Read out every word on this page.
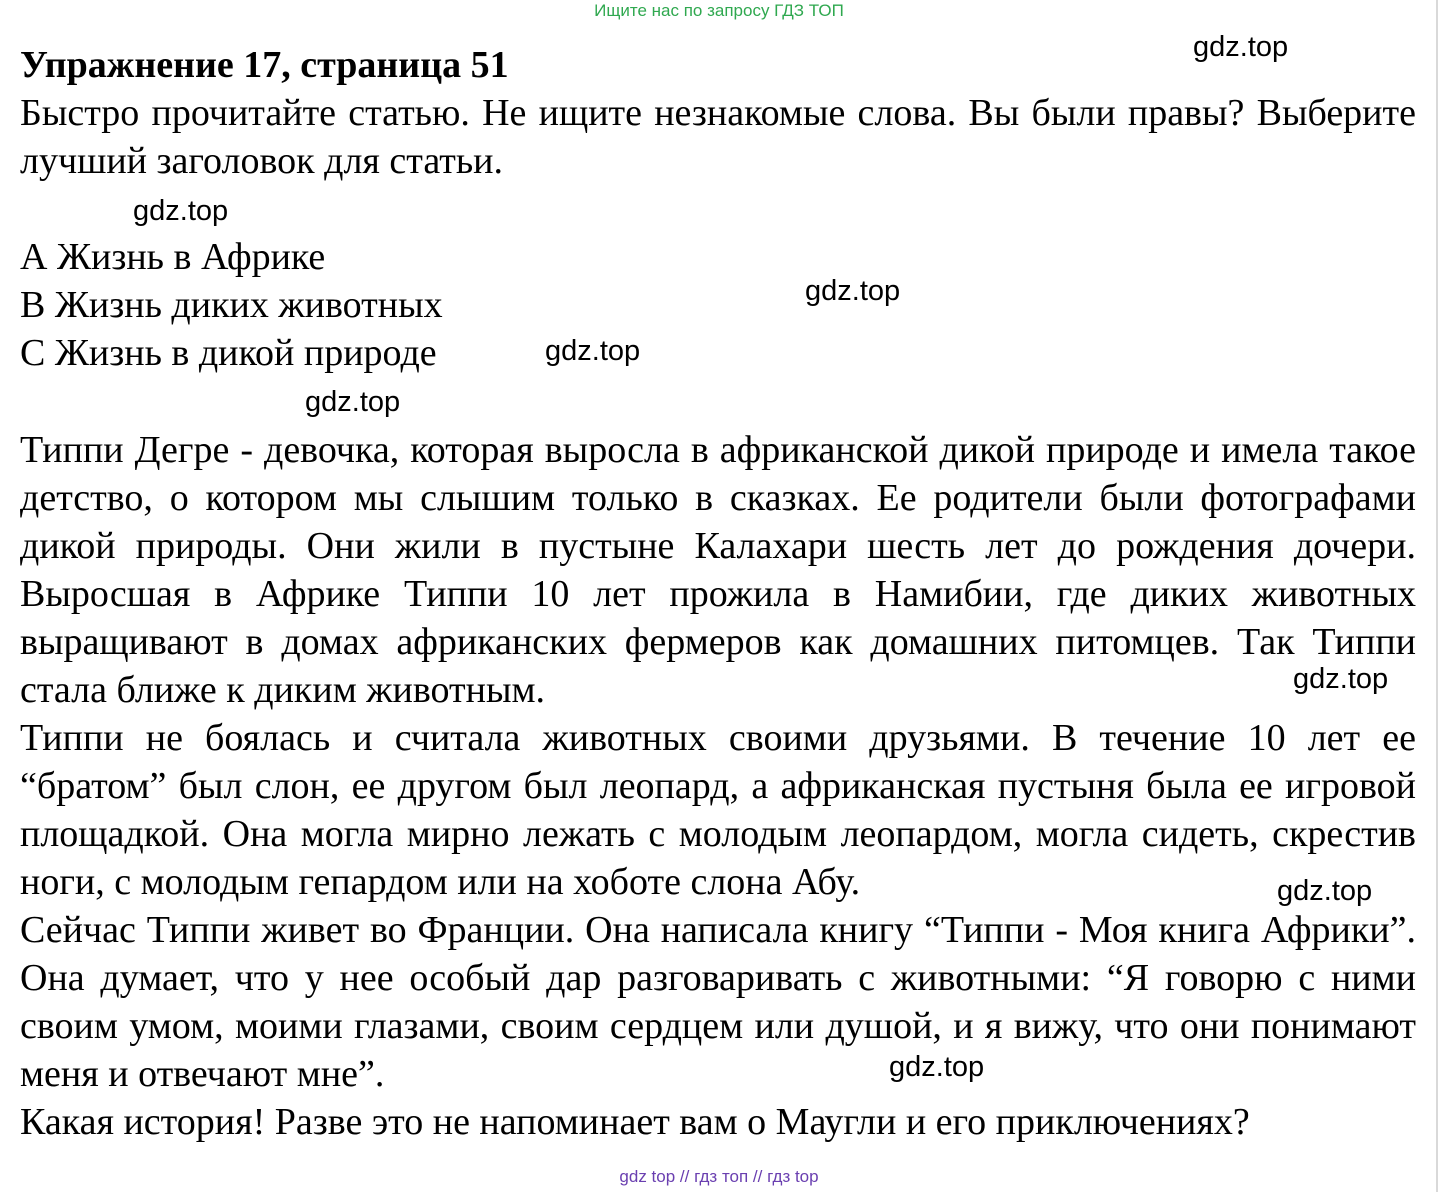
Ищите нас по запросу ГДЗ ТОП
Упражнение 17, страница 51
Быстро прочитайте статью. Не ищите незнакомые слова. Вы были правы? Выберите лучший заголовок для статьи.
А Жизнь в Африке
В Жизнь диких животных
С Жизнь в дикой природе

Типпи Дегре - девочка, которая выросла в африканской дикой природе и имела такое детство, о котором мы слышим только в сказках. Ее родители были фотографами дикой природы. Они жили в пустыне Калахари шесть лет до рождения дочери. Выросшая в Африке Типпи 10 лет прожила в Намибии, где диких животных выращивают в домах африканских фермеров как домашних питомцев. Так Типпи стала ближе к диким животным.

Типпи не боялась и считала животных своими друзьями. В течение 10 лет ее “братом” был слон, ее другом был леопард, а африканская пустыня была ее игровой площадкой. Она могла мирно лежать с молодым леопардом, могла сидеть, скрестив ноги, с молодым гепардом или на хоботе слона Абу.

Сейчас Типпи живет во Франции. Она написала книгу “Типпи - Моя книга Африки”. Она думает, что у нее особый дар разговаривать с животными: “Я говорю с ними своим умом, моими глазами, своим сердцем или душой, и я вижу, что они понимают меня и отвечают мне”.

Какая история! Разве это не напоминает вам о Маугли и его приключениях?

gdz.top
gdz.top
gdz.top
gdz.top
gdz.top
gdz.top
gdz.top
gdz.top
gdz top // гдз топ // гдз top
